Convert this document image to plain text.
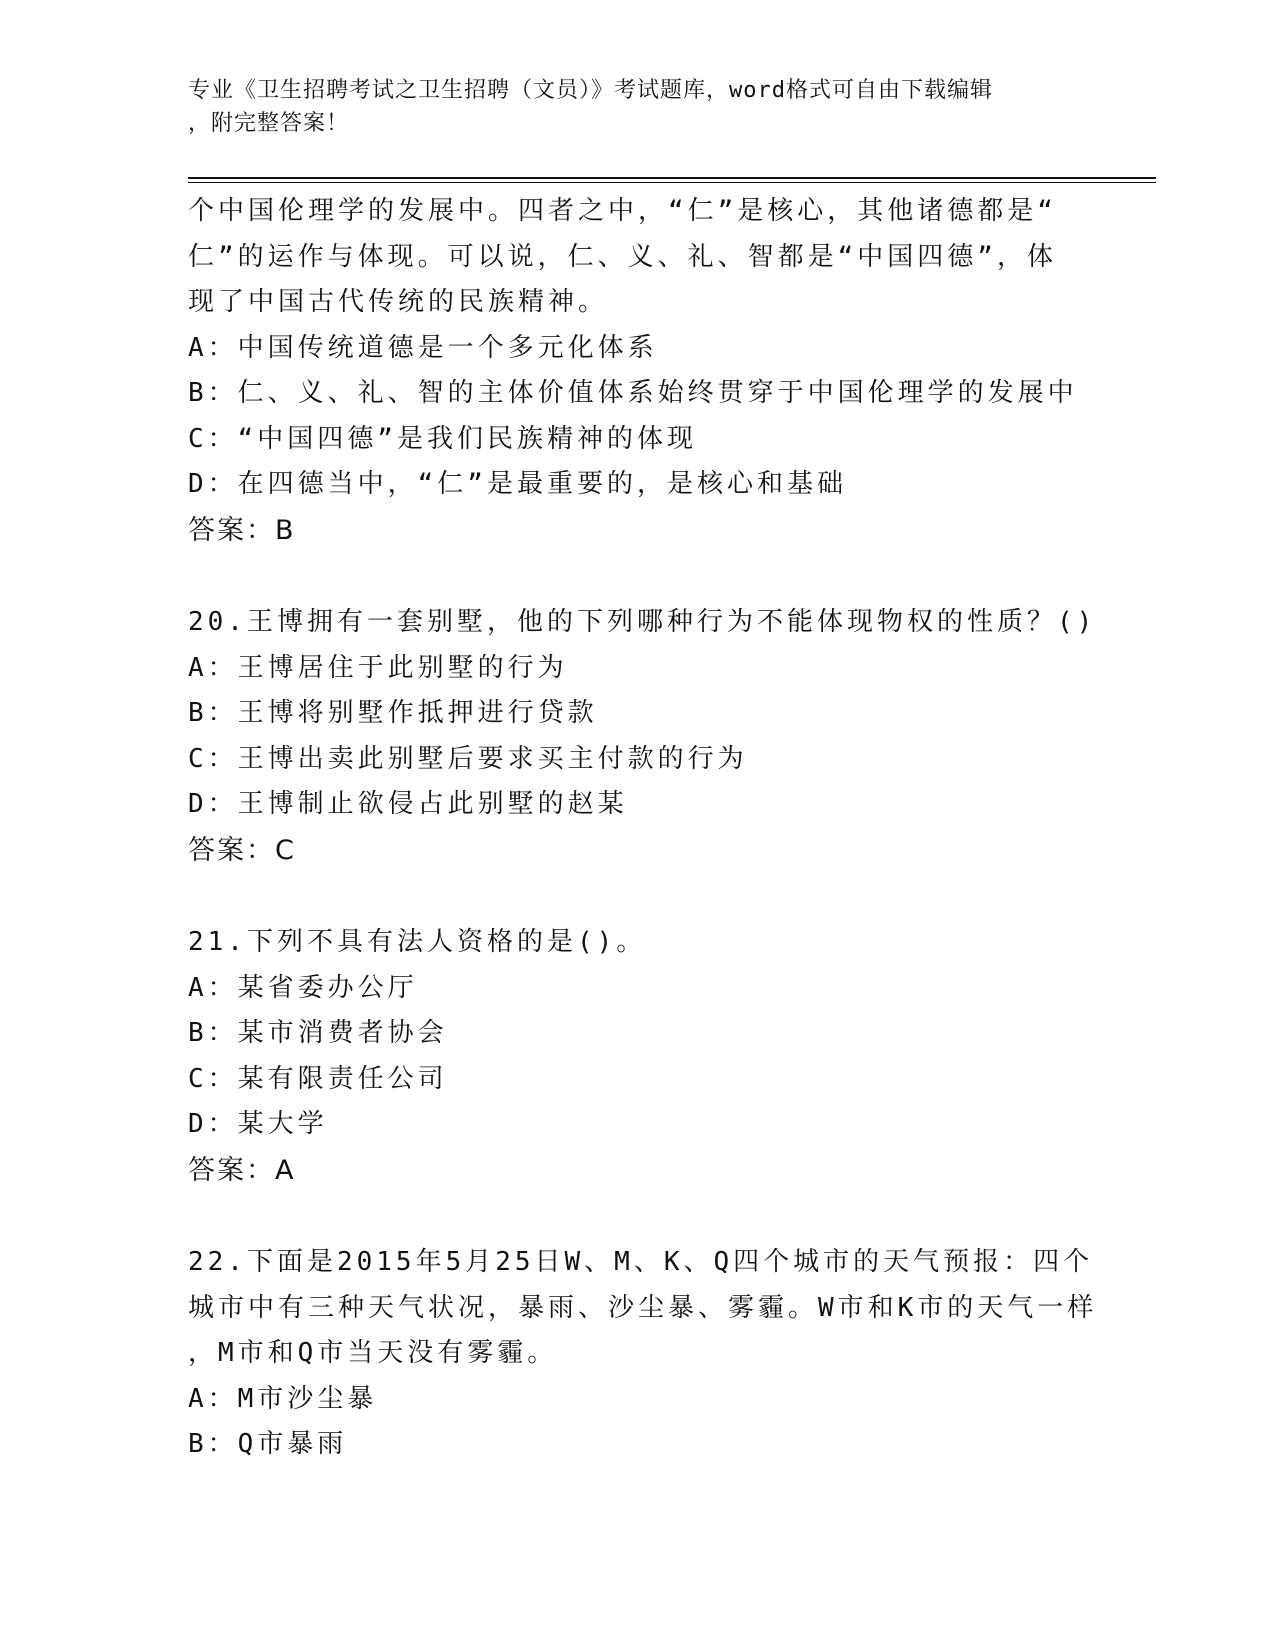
专业《卫生招聘考试之卫生招聘（文员）》考试题库，word格式可自由下载编辑
，附完整答案！
个中国伦理学的发展中。四者之中，“仁”是核心，其他诸德都是“
仁”的运作与体现。可以说，仁、义、礼、智都是“中国四德”，体
现了中国古代传统的民族精神。
A：中国传统道德是一个多元化体系
B：仁、义、礼、智的主体价值体系始终贯穿于中国伦理学的发展中
C：“中国四德”是我们民族精神的体现
D：在四德当中，“仁”是最重要的，是核心和基础
答案：B
20.王博拥有一套别墅，他的下列哪种行为不能体现物权的性质？()
A：王博居住于此别墅的行为
B：王博将别墅作抵押进行贷款
C：王博出卖此别墅后要求买主付款的行为
D：王博制止欲侵占此别墅的赵某
答案：C
21.下列不具有法人资格的是()。
A：某省委办公厅
B：某市消费者协会
C：某有限责任公司
D：某大学
答案：A
22.下面是2015年5月25日W、M、K、Q四个城市的天气预报：四个
城市中有三种天气状况，暴雨、沙尘暴、雾霾。W市和K市的天气一样
，M市和Q市当天没有雾霾。
A：M市沙尘暴
B：Q市暴雨
